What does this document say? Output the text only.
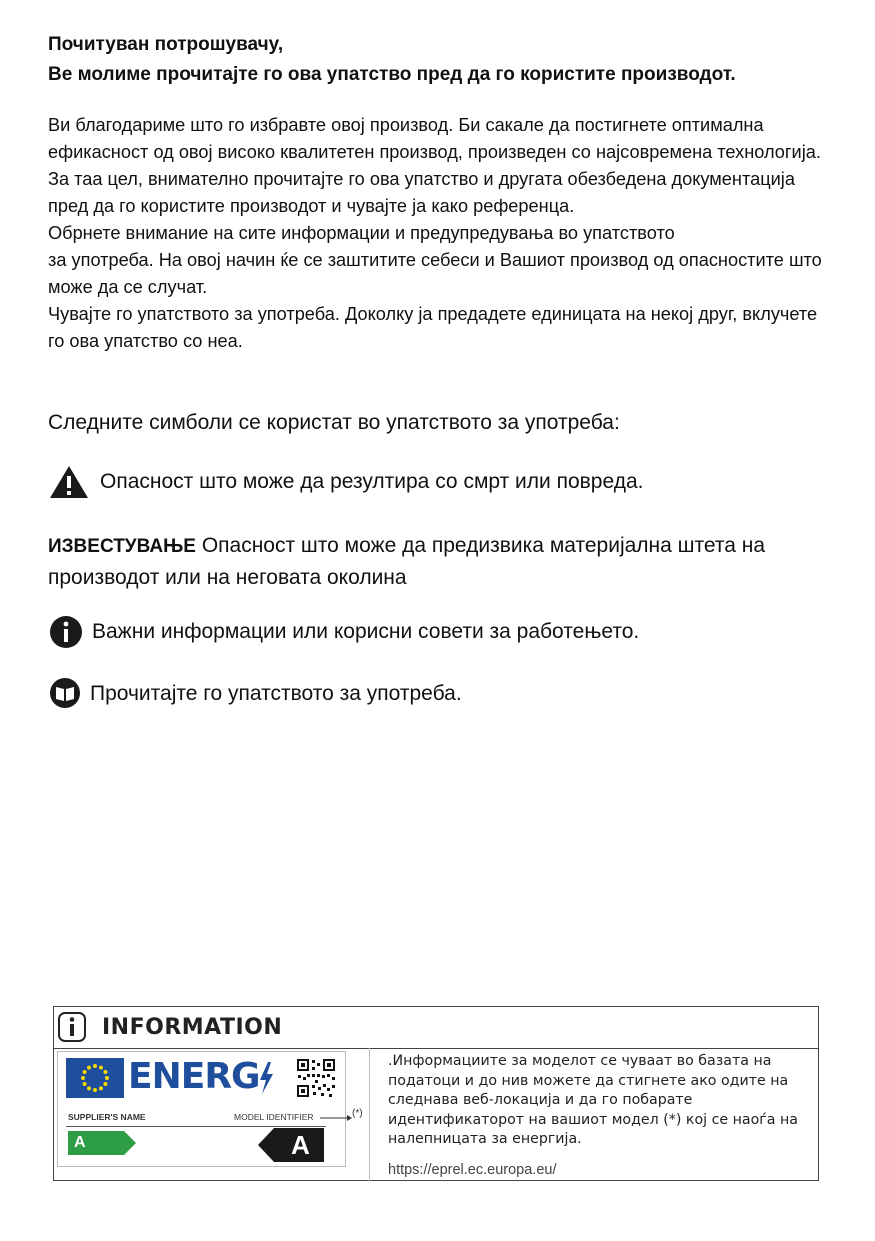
Почитуван потрошувачу,
Ве молиме прочитајте го ова упатство пред да го користите производот.

Ви благодариме што го избравте овој производ. Би сакале да постигнете оптимална ефикасност од овој високо квалитетен производ, произведен со најсовремена технологија. За таа цел, внимателно прочитајте го ова упатство и другата обезбедена документација пред да го користите производот и чувајте ја како референца.

Обрнете внимание на сите информации и предупредувања во упатството

за употреба. На овој начин ќе се заштитите себеси и Вашиот производ од опасностите што може да се случат.

Чувајте го упатството за употреба. Доколку ја предадете единицата на некој друг, вклучете го ова упатство со неа.

Следните симболи се користат во упатството за употреба:
Опасност што може да резултира со смрт или повреда.
ИЗВЕСТУВАЊЕ Опасност што може да предизвика материјална штета на производот или на неговата околина
Важни информации или корисни совети за работењето.
Прочитајте го упатството за употреба.
INFORMATION
ENERG
SUPPLIER'S NAME	MODEL IDENTIFIER
A	A
(*)
.Информациите за моделот се чуваат во базата на податоци и до нив можете да стигнете ако одите на следнава веб-локација и да го побарате идентификаторот на вашиот модел (*) кој се наоѓа на налепницата за енергија.
https://eprel.ec.europa.eu/
